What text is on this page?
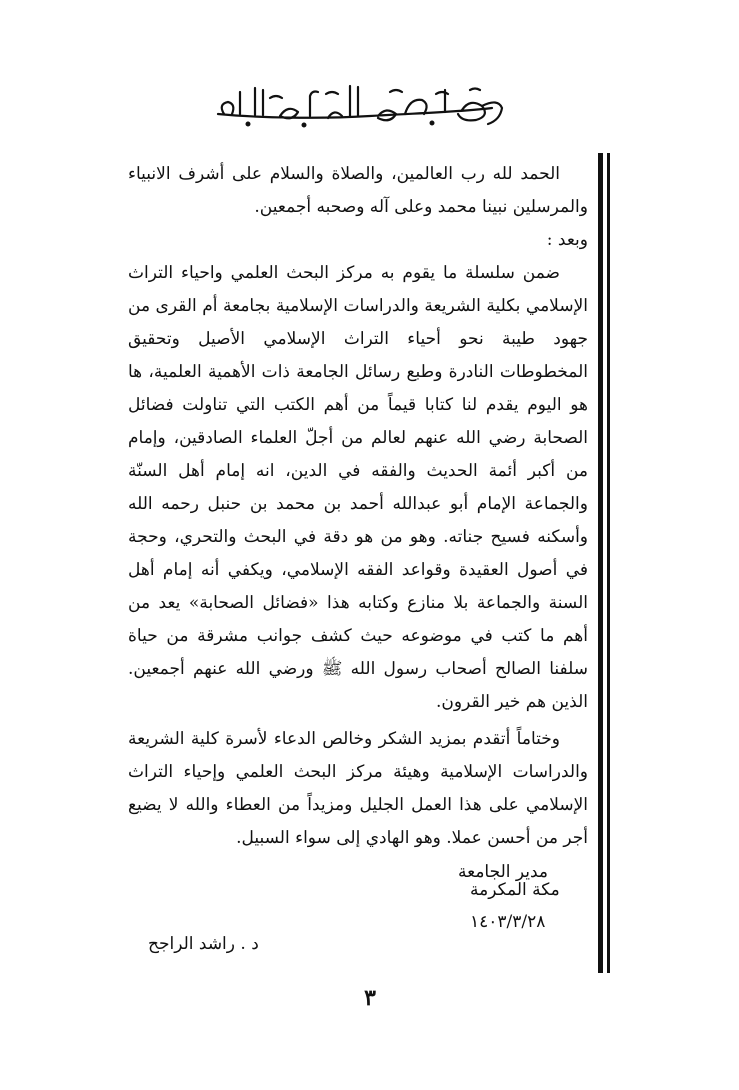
الحمد لله رب العالمين، والصلاة والسلام على أشرف الانبياء والمرسلين نبينا محمد وعلى آله وصحبه أجمعين.

وبعد :

ضمن سلسلة ما يقوم به مركز البحث العلمي واحياء التراث الإسلامي بكلية الشريعة والدراسات الإسلامية بجامعة أم القرى من جهود طيبة نحو أحياء التراث الإسلامي الأصيل وتحقيق المخطوطات النادرة وطبع رسائل الجامعة ذات الأهمية العلمية، ها هو اليوم يقدم لنا كتابا قيماً من أهم الكتب التي تناولت فضائل الصحابة رضي الله عنهم لعالم من أجلّ العلماء الصادقين، وإمام من أكبر أئمة الحديث والفقه في الدين، انه إمام أهل السنّة والجماعة الإمام أبو عبدالله أحمد بن محمد بن حنبل رحمه الله وأسكنه فسيح جناته. وهو من هو دقة في البحث والتحري، وحجة في أصول العقيدة وقواعد الفقه الإسلامي، ويكفي أنه إمام أهل السنة والجماعة بلا منازع وكتابه هذا «فضائل الصحابة» يعد من أهم ما كتب في موضوعه حيث كشف جوانب مشرقة من حياة سلفنا الصالح أصحاب رسول الله ﷺ ورضي الله عنهم أجمعين. الذين هم خير القرون.

وختاماً أتقدم بمزيد الشكر وخالص الدعاء لأسرة كلية الشريعة والدراسات الإسلامية وهيئة مركز البحث العلمي وإحياء التراث الإسلامي على هذا العمل الجليل ومزيداً من العطاء والله لا يضيع أجر من أحسن عملا. وهو الهادي إلى سواء السبيل.

د . راشد الراجح
مدير الجامعة
مكة المكرمة
١٤٠٣/٣/٢٨
٣
